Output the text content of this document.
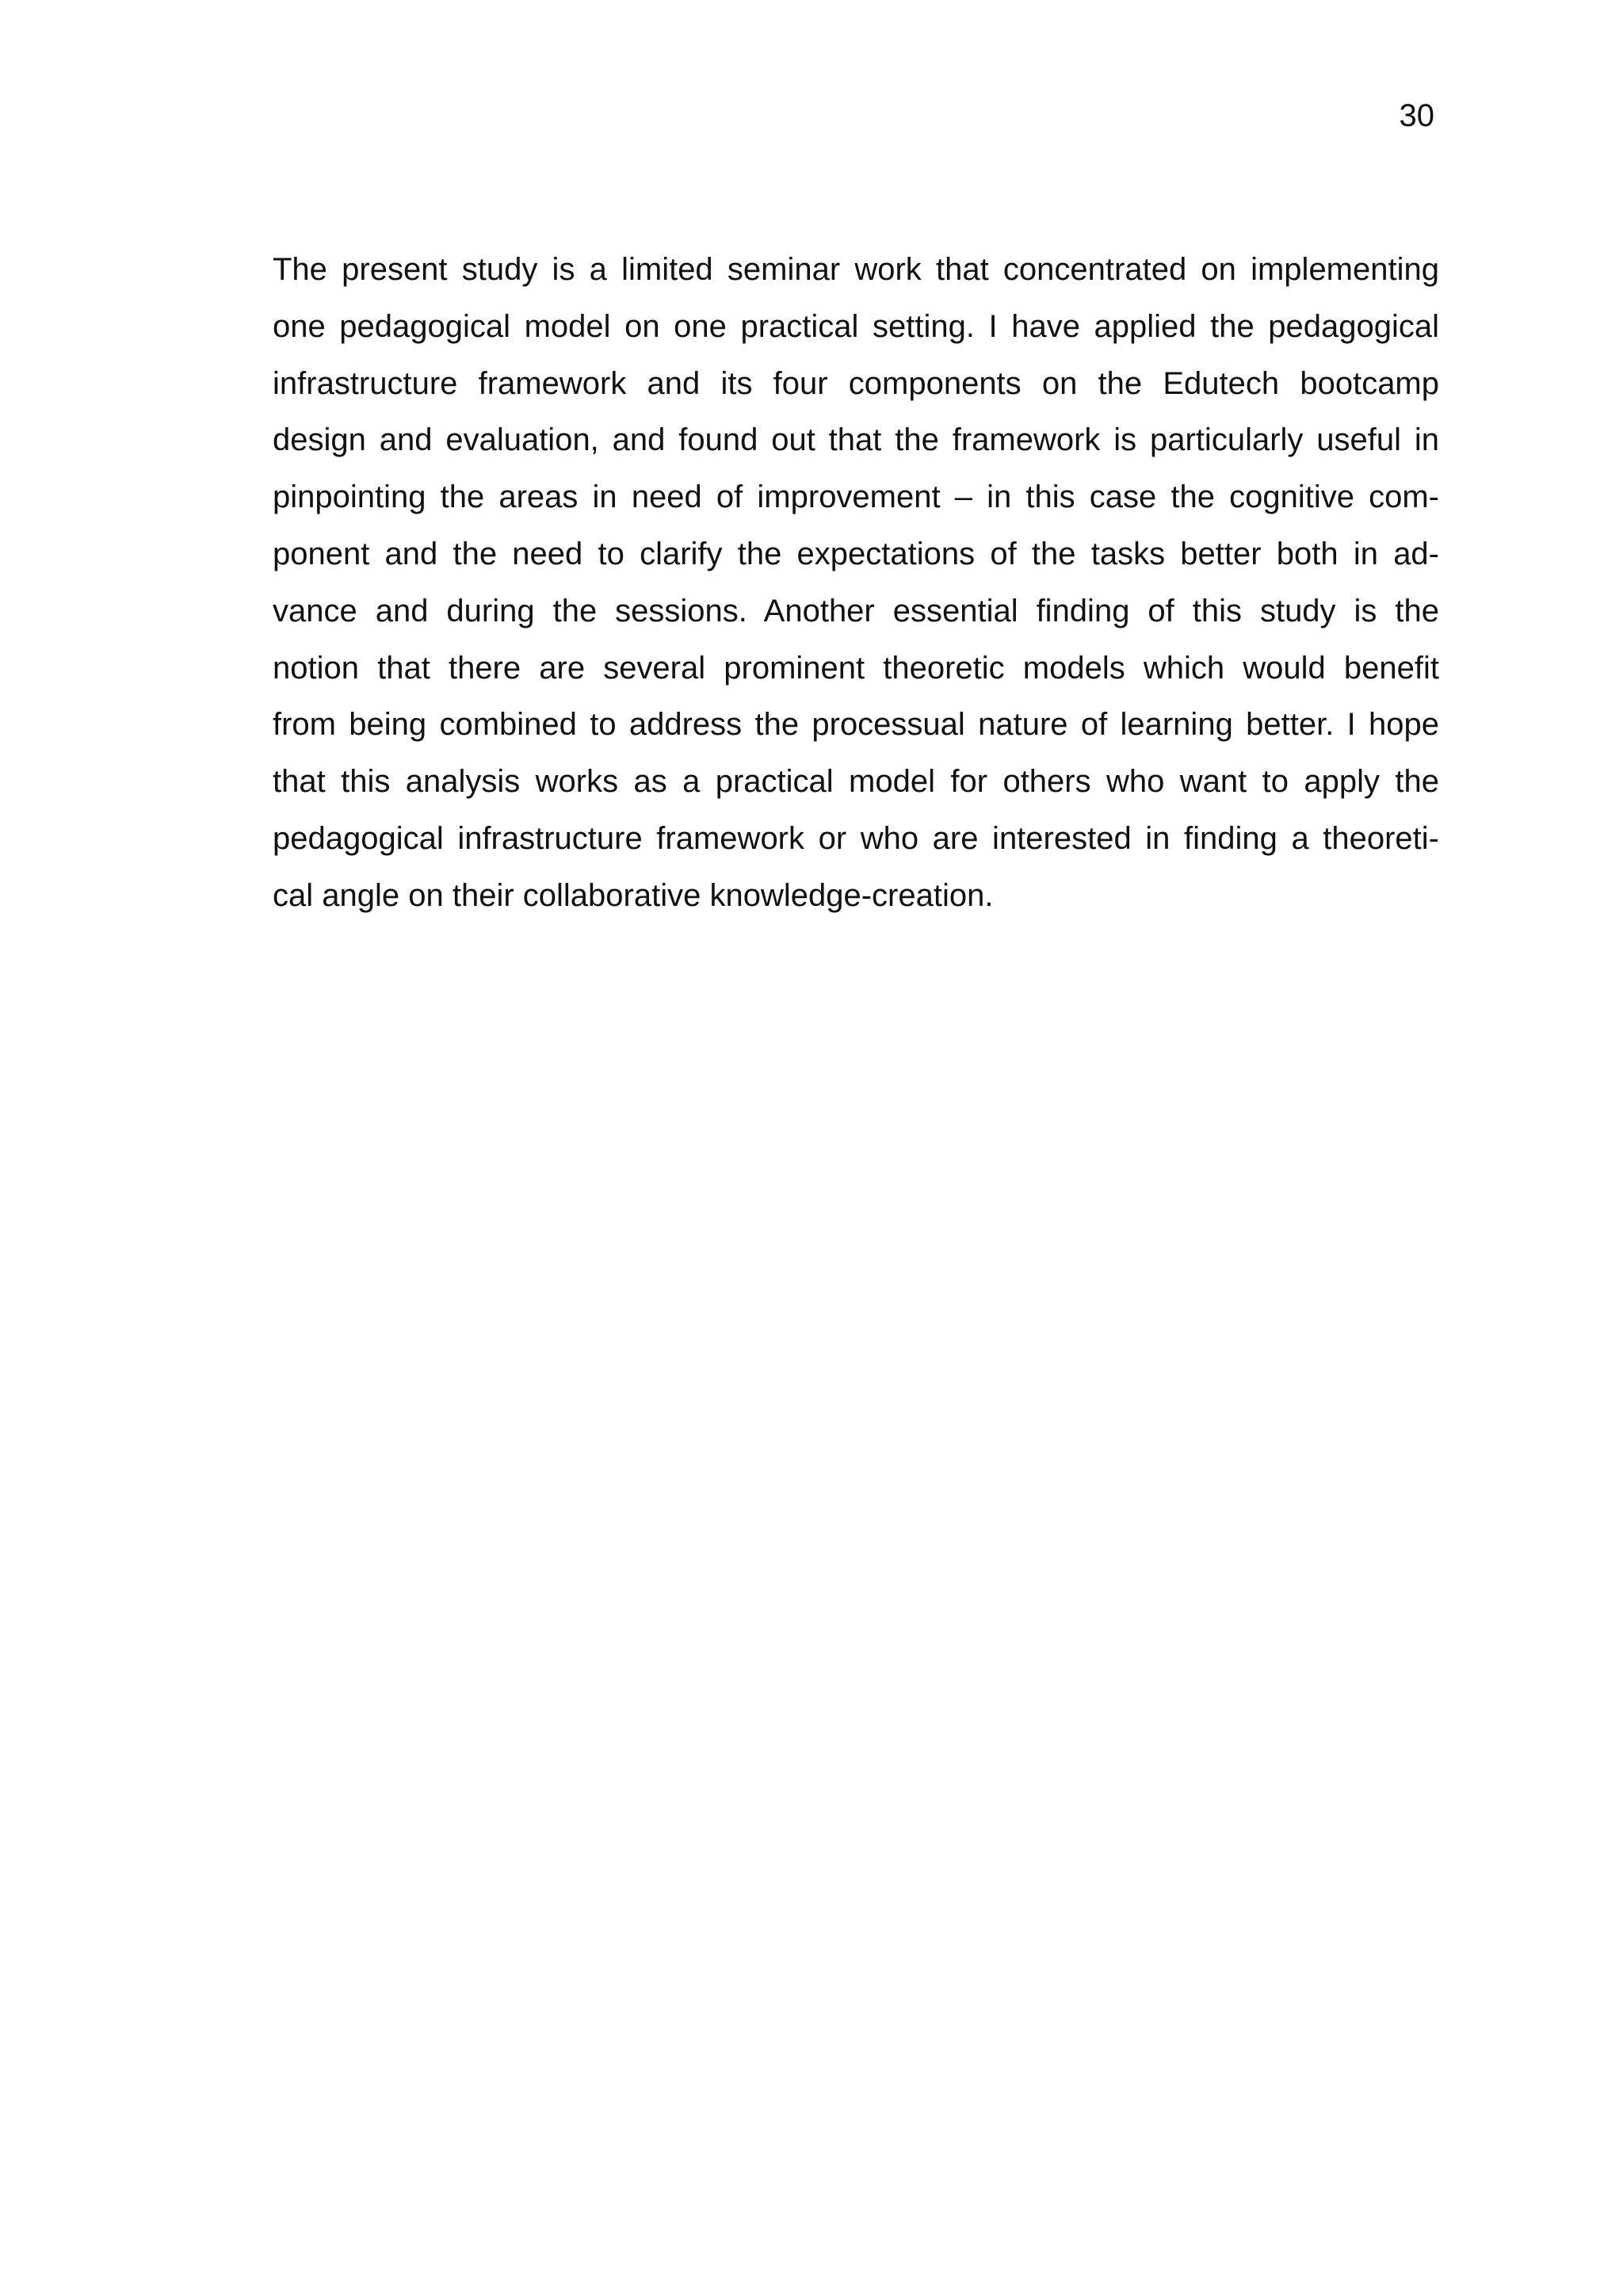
30

The present study is a limited seminar work that concentrated on implementing
one pedagogical model on one practical setting. I have applied the pedagogical
infrastructure framework and its four components on the Edutech bootcamp
design and evaluation, and found out that the framework is particularly useful in
pinpointing the areas in need of improvement – in this case the cognitive com-
ponent and the need to clarify the expectations of the tasks better both in ad-
vance and during the sessions. Another essential finding of this study is the
notion that there are several prominent theoretic models which would benefit
from being combined to address the processual nature of learning better. I hope
that this analysis works as a practical model for others who want to apply the
pedagogical infrastructure framework or who are interested in finding a theoreti-
cal angle on their collaborative knowledge-creation.
